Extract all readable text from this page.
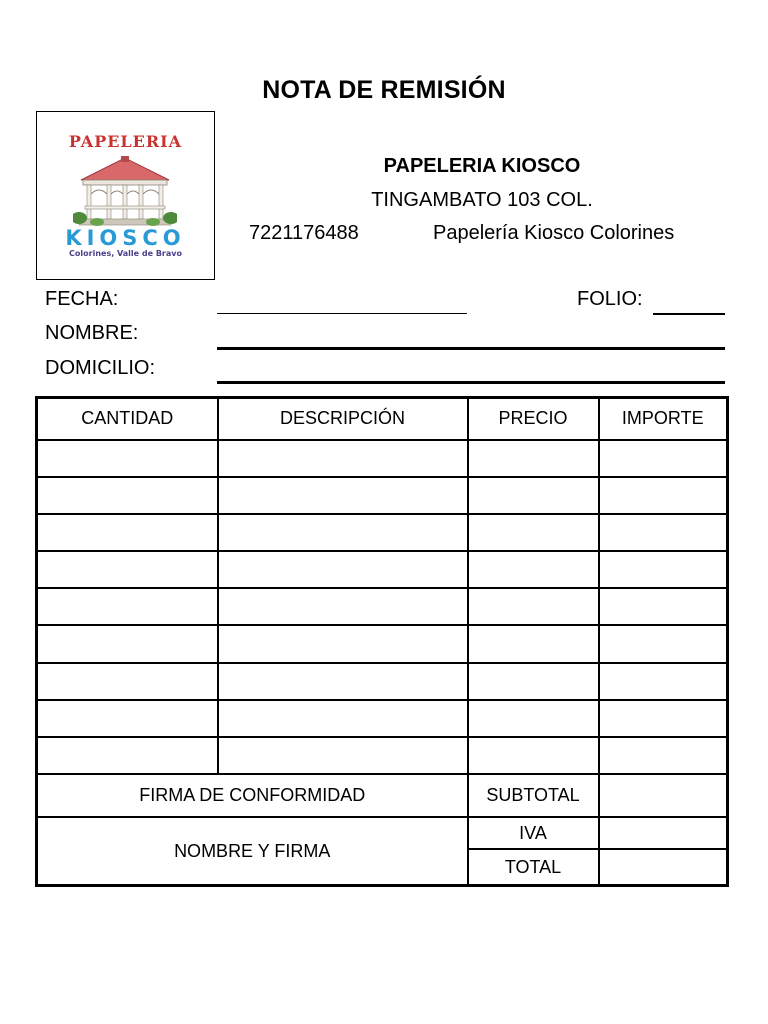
NOTA DE REMISIÓN
PAPELERIA
KIOSCO
Colorines, Valle de Bravo
PAPELERIA KIOSCO
TINGAMBATO 103 COL.
7221176488	Papelería Kiosco Colorines
FECHA:	FOLIO:
NOMBRE:
DOMICILIO:
CANTIDAD	DESCRIPCIÓN	PRECIO	IMPORTE

FIRMA DE CONFORMIDAD		SUBTOTAL	
NOMBRE Y FIRMA		IVA	
		TOTAL	
